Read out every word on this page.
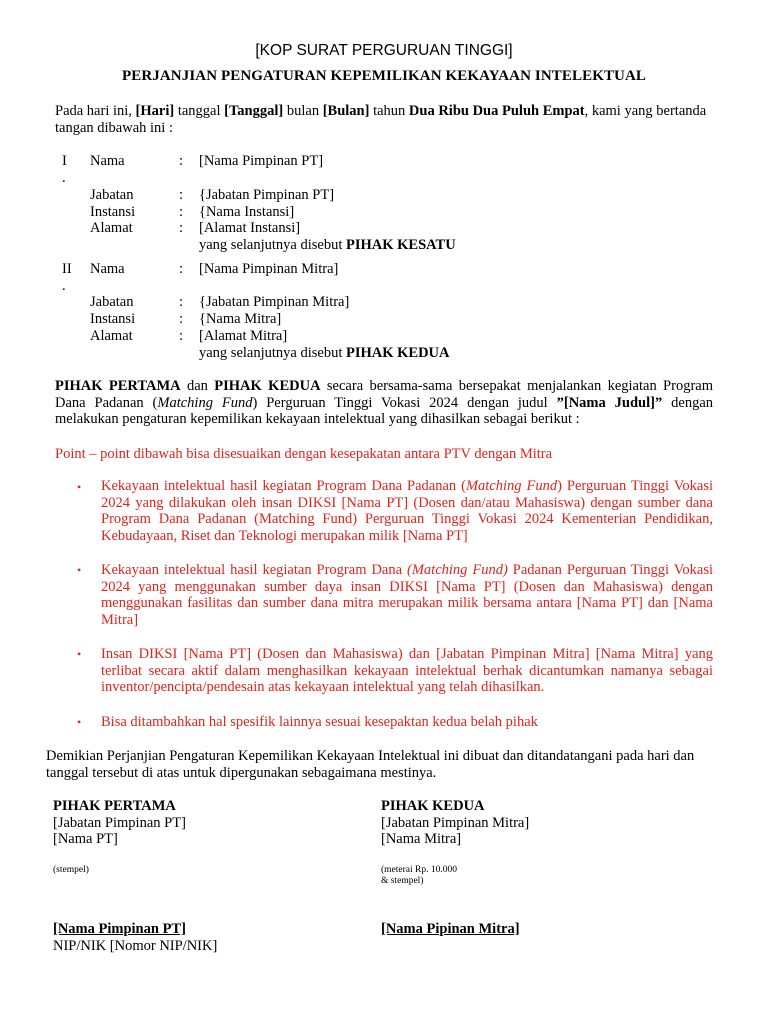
[KOP SURAT PERGURUAN TINGGI]
PERJANJIAN PENGATURAN KEPEMILIKAN KEKAYAAN INTELEKTUAL
Pada hari ini, [Hari] tanggal [Tanggal] bulan [Bulan] tahun Dua Ribu Dua Puluh Empat, kami yang bertanda tangan dibawah ini :
I
.
Nama	: [Nama Pimpinan PT]
Jabatan	: {Jabatan Pimpinan PT]
Instansi	: {Nama Instansi]
Alamat	: [Alamat Instansi]
yang selanjutnya disebut PIHAK KESATU
II
.
Nama	: [Nama Pimpinan Mitra]
Jabatan	: {Jabatan Pimpinan Mitra]
Instansi	: {Nama Mitra]
Alamat	: [Alamat Mitra]
yang selanjutnya disebut PIHAK KEDUA
PIHAK PERTAMA dan PIHAK KEDUA secara bersama-sama bersepakat menjalankan kegiatan Program Dana Padanan (Matching Fund) Perguruan Tinggi Vokasi 2024 dengan judul ”[Nama Judul]” dengan melakukan pengaturan kepemilikan kekayaan intelektual yang dihasilkan sebagai berikut :
Point – point dibawah bisa disesuaikan dengan kesepakatan antara PTV dengan Mitra
• Kekayaan intelektual hasil kegiatan Program Dana Padanan (Matching Fund) Perguruan Tinggi Vokasi 2024 yang dilakukan oleh insan DIKSI [Nama PT] (Dosen dan/atau Mahasiswa) dengan sumber dana Program Dana Padanan (Matching Fund) Perguruan Tinggi Vokasi 2024 Kementerian Pendidikan, Kebudayaan, Riset dan Teknologi merupakan milik [Nama PT]
• Kekayaan intelektual hasil kegiatan Program Dana (Matching Fund) Padanan Perguruan Tinggi Vokasi 2024 yang menggunakan sumber daya insan DIKSI [Nama PT] (Dosen dan Mahasiswa) dengan menggunakan fasilitas dan sumber dana mitra merupakan milik bersama antara [Nama PT] dan [Nama Mitra]
• Insan DIKSI [Nama PT] (Dosen dan Mahasiswa) dan [Jabatan Pimpinan Mitra] [Nama Mitra] yang terlibat secara aktif dalam menghasilkan kekayaan intelektual berhak dicantumkan namanya sebagai inventor/pencipta/pendesain atas kekayaan intelektual yang telah dihasilkan.
• Bisa ditambahkan hal spesifik lainnya sesuai kesepaktan kedua belah pihak
Demikian Perjanjian Pengaturan Kepemilikan Kekayaan Intelektual ini dibuat dan ditandatangani pada hari dan tanggal tersebut di atas untuk dipergunakan sebagaimana mestinya.
PIHAK PERTAMA
[Jabatan Pimpinan PT]
[Nama PT]
(stempel)
[Nama Pimpinan PT]
NIP/NIK [Nomor NIP/NIK]
PIHAK KEDUA
[Jabatan Pimpinan Mitra]
[Nama Mitra]
(meterai Rp. 10.000
& stempel)
[Nama Pipinan Mitra]
